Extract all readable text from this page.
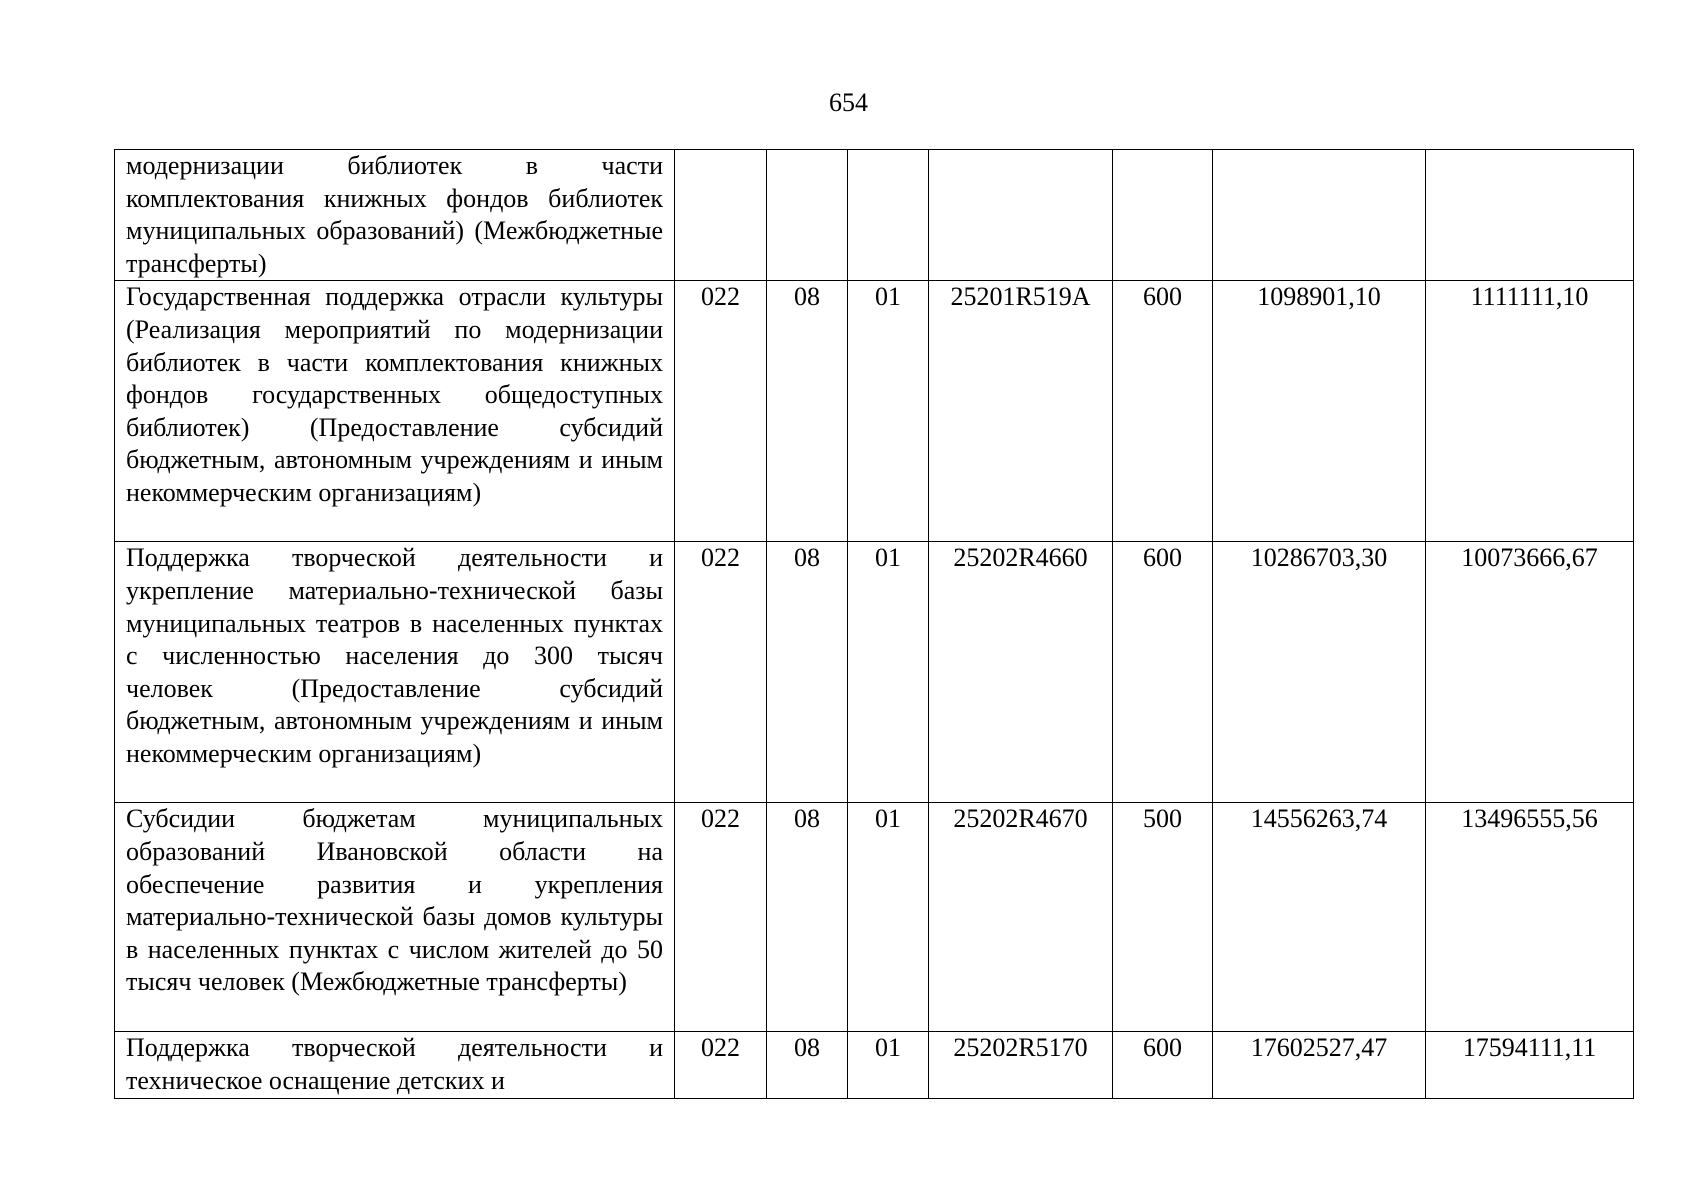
654
модернизации библиотек в части комплектования книжных фондов библиотек муниципальных образований) (Межбюджетные трансферты)							
Государственная поддержка отрасли культуры (Реализация мероприятий по модернизации библиотек в части комплектования книжных фондов государственных общедоступных библиотек) (Предоставление субсидий бюджетным, автономным учреждениям и иным некоммерческим организациям)	022	08	01	25201R519A	600	1098901,10	1111111,10
Поддержка творческой деятельности и укрепление материально-технической базы муниципальных театров в населенных пунктах с численностью населения до 300 тысяч человек (Предоставление субсидий бюджетным, автономным учреждениям и иным некоммерческим организациям)	022	08	01	25202R4660	600	10286703,30	10073666,67
Субсидии бюджетам муниципальных образований Ивановской области на обеспечение развития и укрепления материально-технической базы домов культуры в населенных пунктах с числом жителей до 50 тысяч человек (Межбюджетные трансферты)	022	08	01	25202R4670	500	14556263,74	13496555,56
Поддержка творческой деятельности и техническое оснащение детских и	022	08	01	25202R5170	600	17602527,47	17594111,11
